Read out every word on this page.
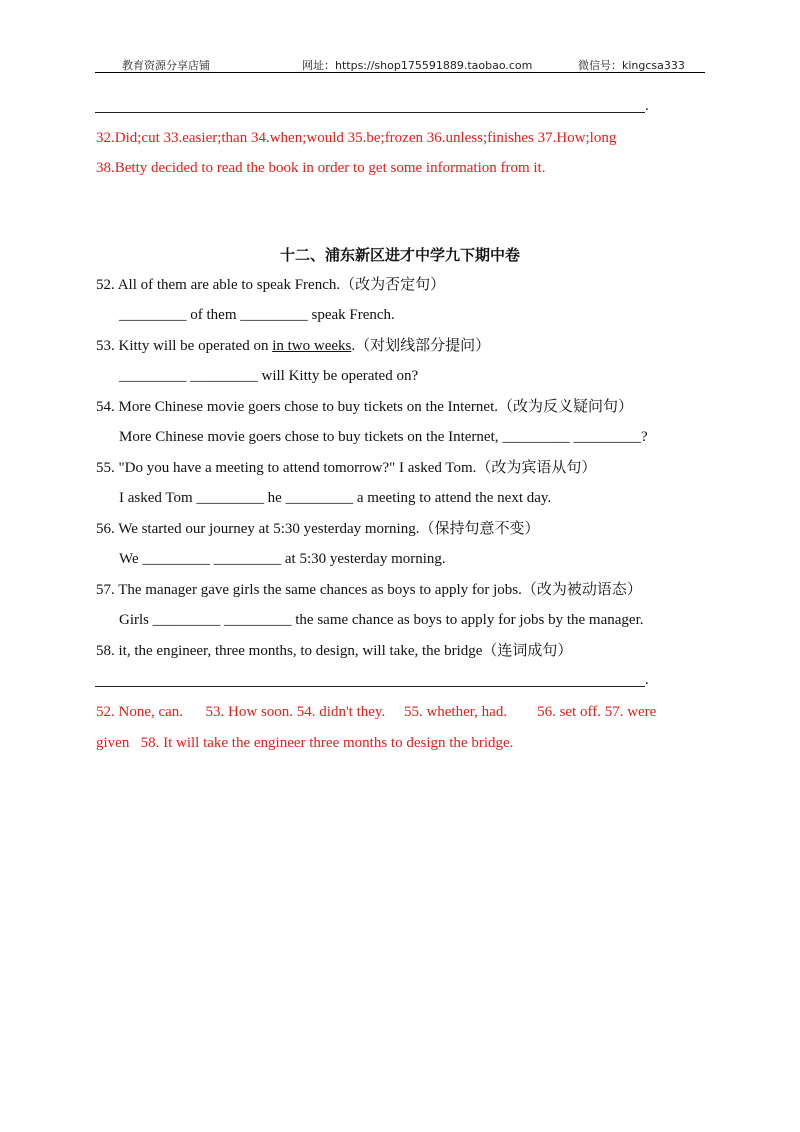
教育资源分享店铺	网址：https://shop175591889.taobao.com	微信号：kingcsa333
.
32.Did;cut 33.easier;than 34.when;would 35.be;frozen 36.unless;finishes 37.How;long
38.Betty decided to read the book in order to get some information from it.
十二、浦东新区进才中学九下期中卷
52. All of them are able to speak French.（改为否定句）
_________ of them _________ speak French.
53. Kitty will be operated on in two weeks.（对划线部分提问）
_________ _________ will Kitty be operated on?
54. More Chinese movie goers chose to buy tickets on the Internet.（改为反义疑问句）
More Chinese movie goers chose to buy tickets on the Internet, _________ _________?
55. "Do you have a meeting to attend tomorrow?" I asked Tom.（改为宾语从句）
I asked Tom _________ he _________ a meeting to attend the next day.
56. We started our journey at 5:30 yesterday morning.（保持句意不变）
We _________ _________ at 5:30 yesterday morning.
57. The manager gave girls the same chances as boys to apply for jobs.（改为被动语态）
Girls _________ _________ the same chance as boys to apply for jobs by the manager.
58. it, the engineer, three months, to design, will take, the bridge（连词成句）
.
52. None, can.      53. How soon. 54. didn't they.     55. whether, had.        56. set off. 57. were
given   58. It will take the engineer three months to design the bridge.
